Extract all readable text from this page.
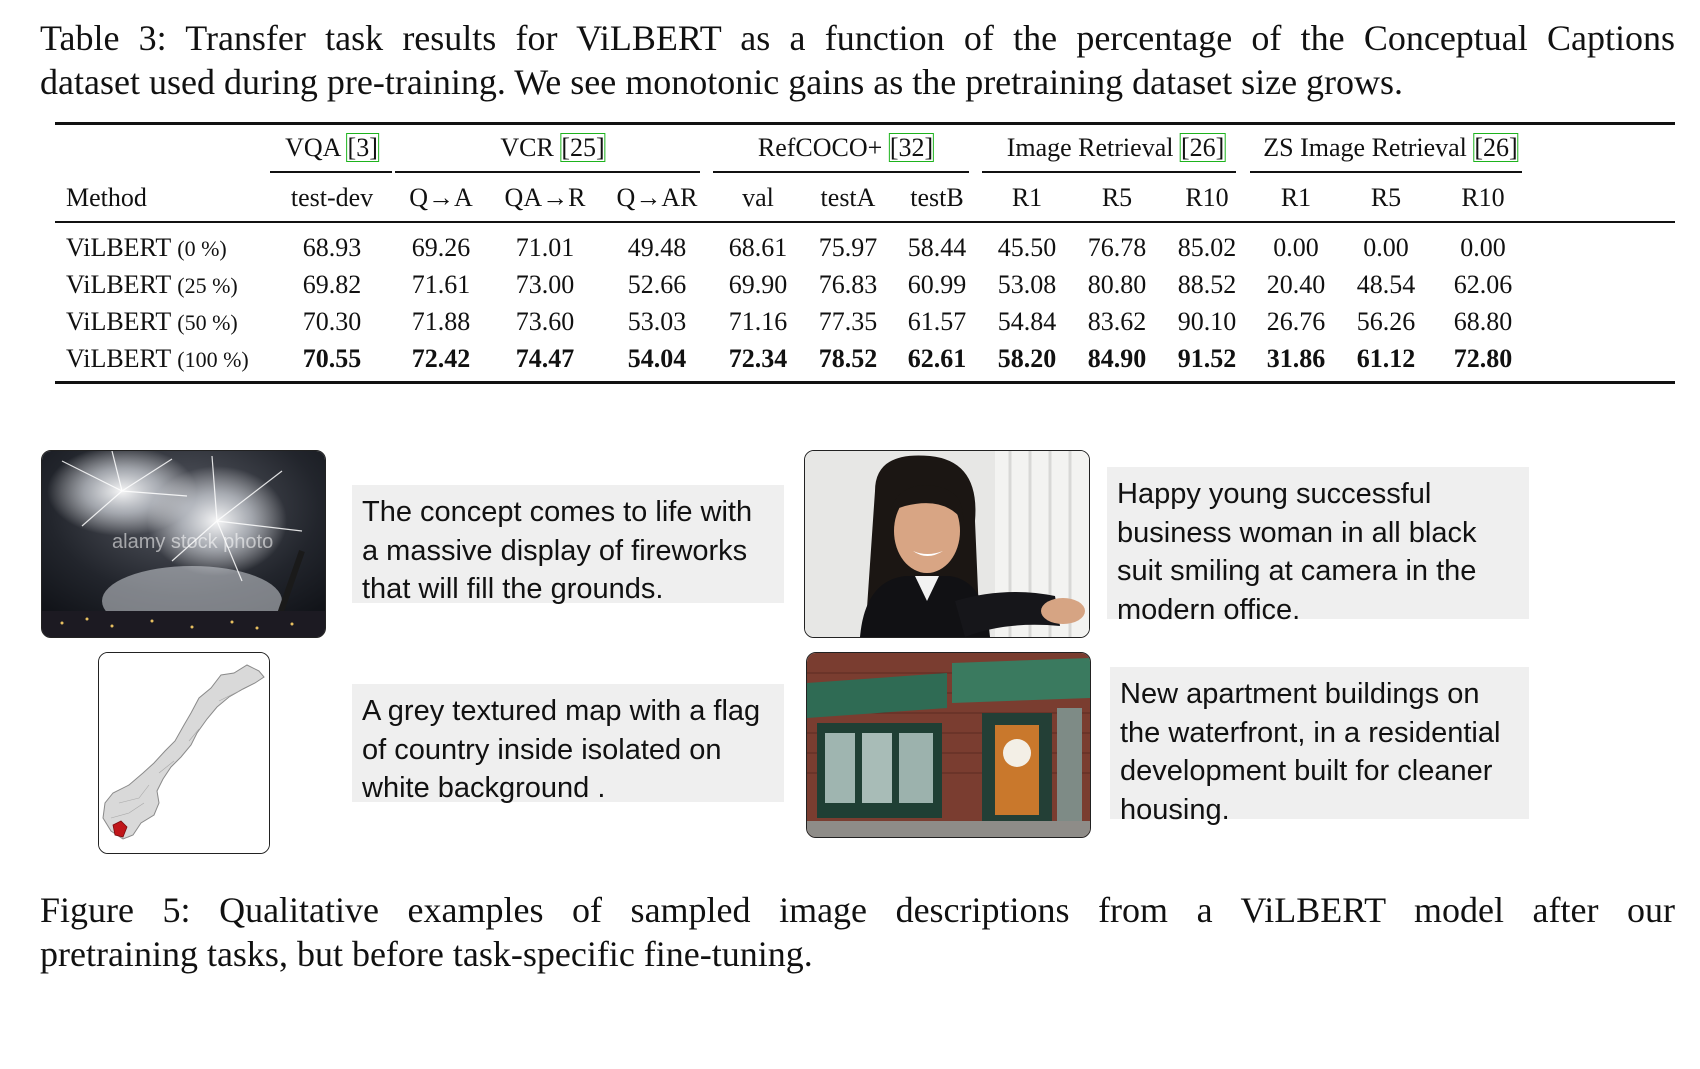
Table 3: Transfer task results for ViLBERT as a function of the percentage of the Conceptual Captions
dataset used during pre-training. We see monotonic gains as the pretraining dataset size grows.
VQA [3]	VCR [25]	RefCOCO+ [32]	Image Retrieval [26] ZS Image Retrieval [26]
Method	test-dev Q→A QA→R Q→AR val testA testB R1 R5 R10 R1 R5 R10
ViLBERT (0 %)	68.93 69.26 71.01 49.48 68.61 75.97 58.44 45.50 76.78 85.02 0.00 0.00 0.00
ViLBERT (25 %)	69.82 71.61 73.00 52.66 69.90 76.83 60.99 53.08 80.80 88.52 20.40 48.54 62.06
ViLBERT (50 %)	70.30 71.88 73.60 53.03 71.16 77.35 61.57 54.84 83.62 90.10 26.76 56.26 68.80
ViLBERT (100 %) 70.55 72.42 74.47 54.04 72.34 78.52 62.61 58.20 84.90 91.52 31.86 61.12 72.80
alamy stock photo
The concept comes to life with
a massive display of fireworks
that will fill the grounds.
Happy young successful
business woman in all black
suit smiling at camera in the
modern office.
A grey textured map with a flag
of country inside isolated on
white background .
New apartment buildings on
the waterfront, in a residential
development built for cleaner
housing.
Figure 5: Qualitative examples of sampled image descriptions from a ViLBERT model after our
pretraining tasks, but before task-specific fine-tuning.
